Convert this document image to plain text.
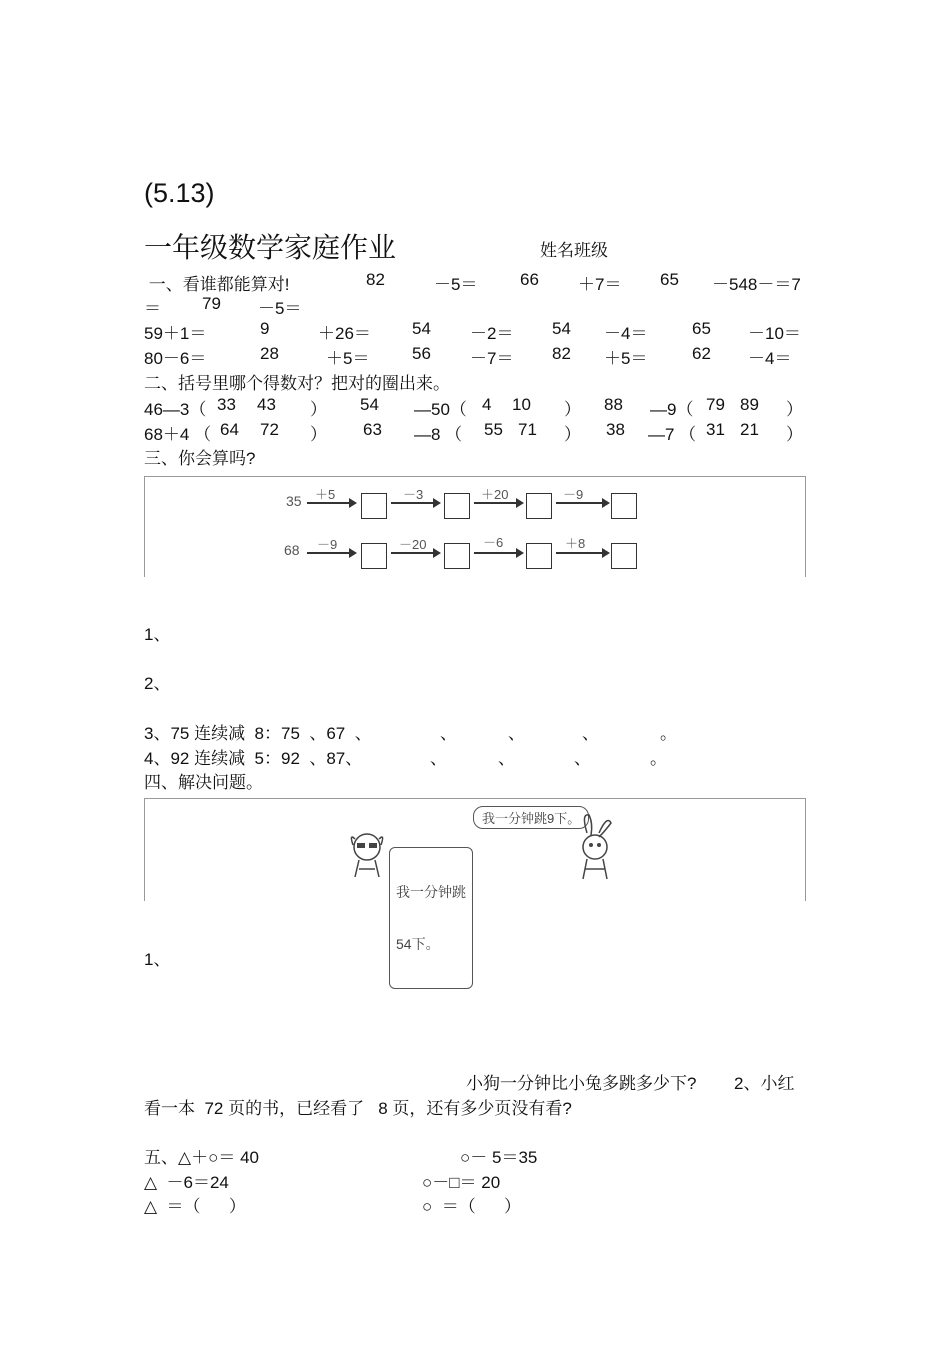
(5.13)
一年级数学家庭作业	姓名班级
一、看谁都能算对!	82	－5＝	66 ＋7＝ 65 －548－＝7
＝ 79 －5＝
59＋1＝	9	＋26＝ 54 －2＝ 54 －4＝	65 －10＝
80－6＝	28	＋5＝	56 －7＝ 82 ＋5＝	62 －4＝
二、括号里哪个得数对？把对的圈出来。
46—3（ 33 43 ） 54 —50（ 4 10 ） 88 —9（ 79 89 ）
68＋4 （ 64 72 ） 63 —8 （ 55 71 ） 38 —7 （ 31 21 ）
三、你会算吗?
35 ＋5	－3	＋20	－9
68 －9	－20	－6	＋8
1、
2、
3、75 连续减  8：75  、67  、	、	、	、	。
4、92 连续减  5：92  、87、	、	、	、	。
四、解决问题。

我一分钟跳

54下。

我一分钟跳9下。
1、
小狗一分钟比小兔多跳多少下? 2、小红
看一本  72 页的书，已经看了   8 页，还有多少页没有看?
五、△＋○＝ 40	○－ 5＝35
△  －6＝24	○－□＝ 20
△  ＝（      ）	○  ＝（      ）
